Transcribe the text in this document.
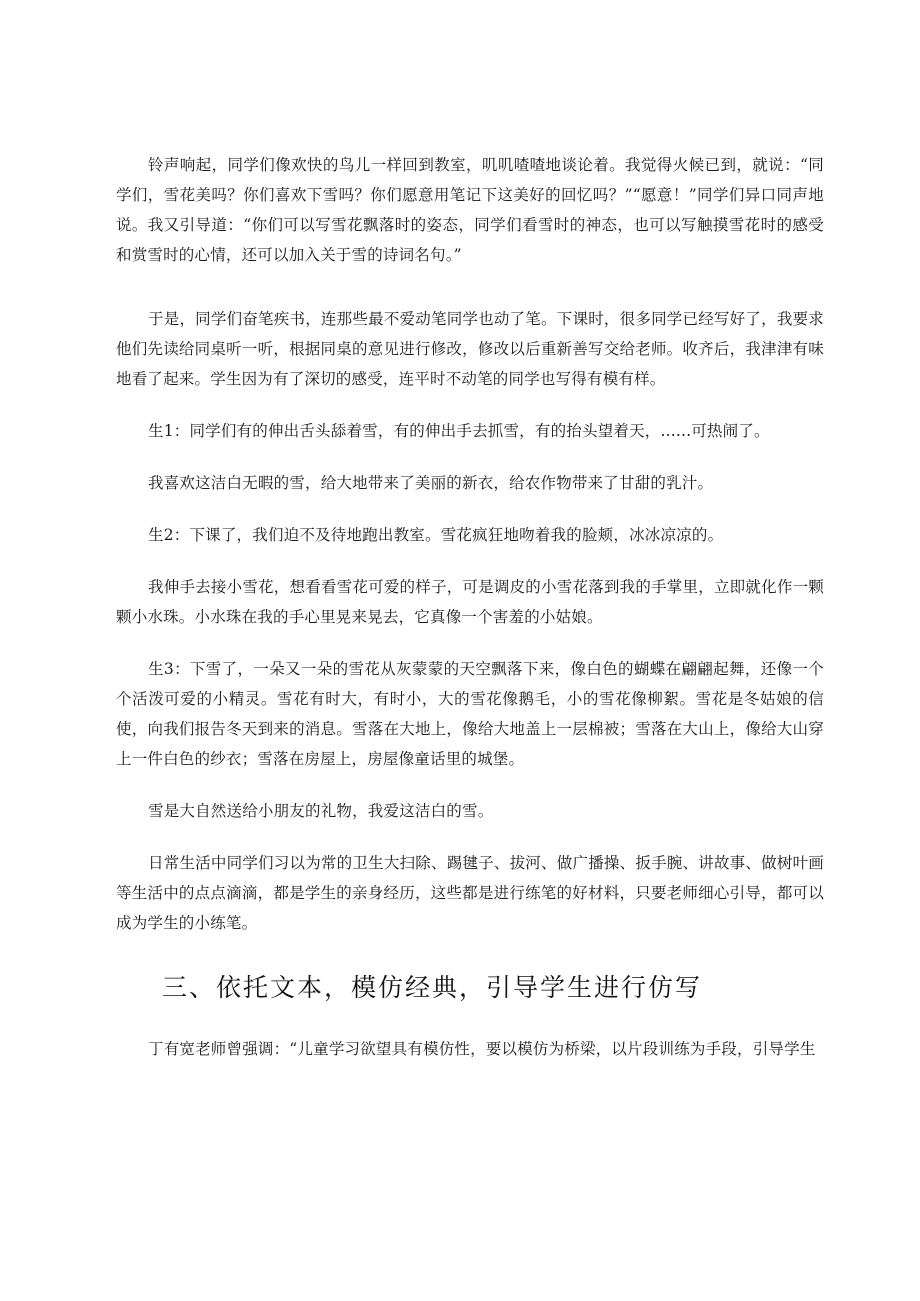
铃声响起，同学们像欢快的鸟儿一样回到教室，叽叽喳喳地谈论着。我觉得火候已到，就说：“同学们，雪花美吗？你们喜欢下雪吗？你们愿意用笔记下这美好的回忆吗？”“愿意！”同学们异口同声地说。我又引导道：“你们可以写雪花飘落时的姿态，同学们看雪时的神态，也可以写触摸雪花时的感受和赏雪时的心情，还可以加入关于雪的诗词名句。”

于是，同学们奋笔疾书，连那些最不爱动笔同学也动了笔。下课时，很多同学已经写好了，我要求他们先读给同桌听一听，根据同桌的意见进行修改，修改以后重新善写交给老师。收齐后，我津津有味地看了起来。学生因为有了深切的感受，连平时不动笔的同学也写得有模有样。

生1：同学们有的伸出舌头舔着雪，有的伸出手去抓雪，有的抬头望着天，......可热闹了。

我喜欢这洁白无暇的雪，给大地带来了美丽的新衣，给农作物带来了甘甜的乳汁。

生2：下课了，我们迫不及待地跑出教室。雪花疯狂地吻着我的脸颊，冰冰凉凉的。

我伸手去接小雪花，想看看雪花可爱的样子，可是调皮的小雪花落到我的手掌里，立即就化作一颗颗小水珠。小水珠在我的手心里晃来晃去，它真像一个害羞的小姑娘。

生3：下雪了，一朵又一朵的雪花从灰蒙蒙的天空飘落下来，像白色的蝴蝶在翩翩起舞，还像一个个活泼可爱的小精灵。雪花有时大，有时小，大的雪花像鹅毛，小的雪花像柳絮。雪花是冬姑娘的信使，向我们报告冬天到来的消息。雪落在大地上，像给大地盖上一层棉被；雪落在大山上，像给大山穿上一件白色的纱衣；雪落在房屋上，房屋像童话里的城堡。

雪是大自然送给小朋友的礼物，我爱这洁白的雪。

日常生活中同学们习以为常的卫生大扫除、踢毽子、拔河、做广播操、扳手腕、讲故事、做树叶画等生活中的点点滴滴，都是学生的亲身经历，这些都是进行练笔的好材料，只要老师细心引导，都可以成为学生的小练笔。

三、依托文本，模仿经典，引导学生进行仿写

丁有宽老师曾强调：“儿童学习欲望具有模仿性，要以模仿为桥梁，以片段训练为手段，引导学生
